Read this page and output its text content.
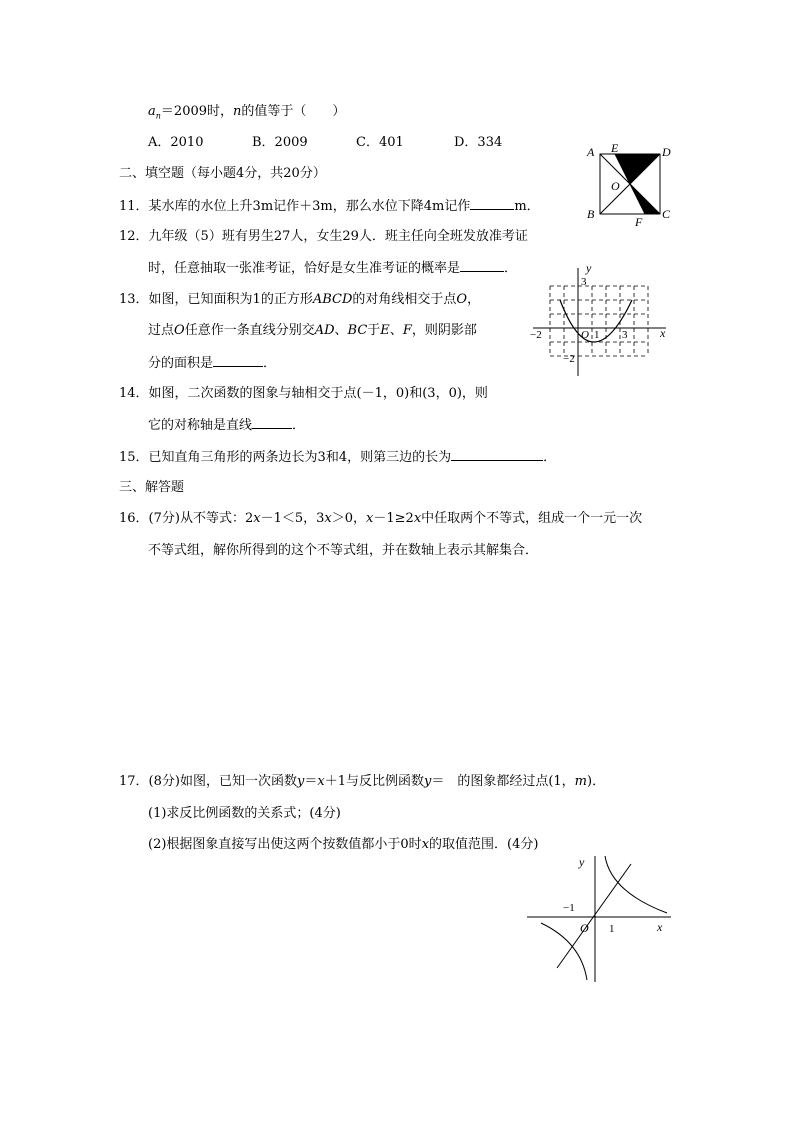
$a_n=2009$时，n的值等于（　　）
A．2010	B．2009	C．401	D．334
二、填空题（每小题4分，共20分）
11．某水库的水位上升3m记作＋3m，那么水位下降4m记作	m．
12．九年级（5）班有男生27人，女生29人．班主任向全班发放准考证
时，任意抽取一张准考证，恰好是女生准考证的概率是	．
13．如图，已知面积为1的正方形ABCD的对角线相交于点O，
过点O任意作一条直线分别交AD、BC于E、F，则阴影部
分的面积是	．
14．如图，二次函数的图象与轴相交于点(－1，0)和(3，0)，则
它的对称轴是直线	．
15．已知直角三角形的两条边长为3和4，则第三边的长为	．
三、解答题
16．(7分)从不等式：2x－1＜5，3x＞0，x－1≥2x中任取两个不等式，组成一个一元一次
不等式组，解你所得到的这个不等式组，并在数轴上表示其解集合．
17．(8分)如图，已知一次函数y＝x＋1与反比例函数y＝　的图象都经过点(1，m)．
(1)求反比例函数的关系式；(4分)
(2)根据图象直接写出使这两个按数值都小于0时x的取值范围．(4分)
A
B	C
D
E
F
O
y
x
3
−2	O 1 3
−2
y
x
−1
O 1
